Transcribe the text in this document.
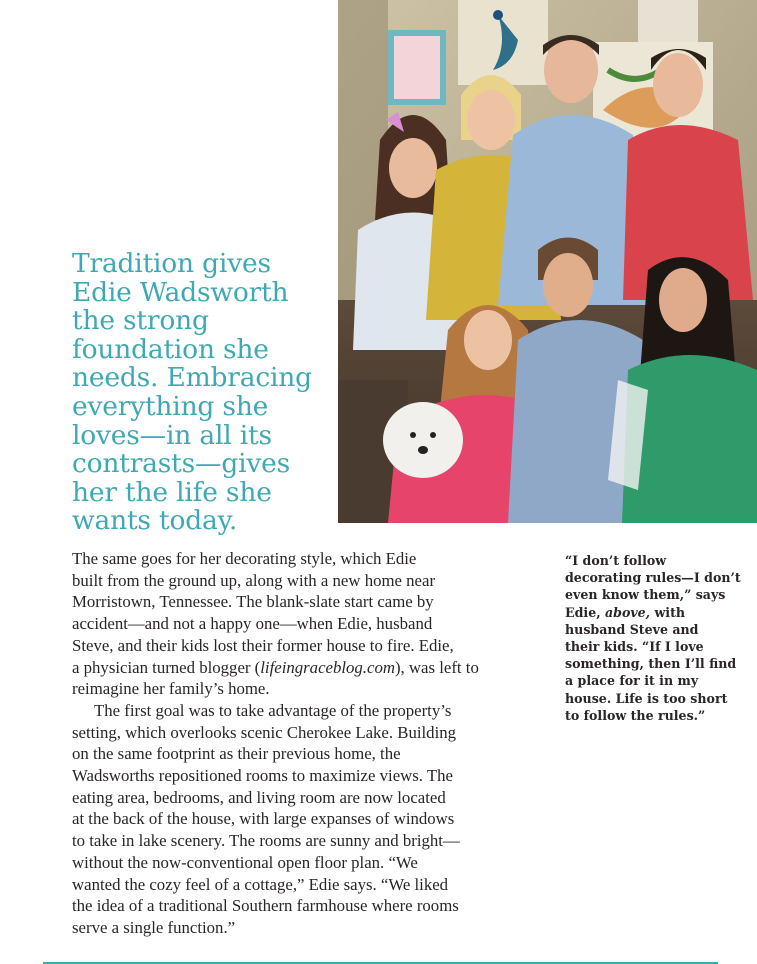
Tradition gives
Edie Wadsworth
the strong
foundation she
needs. Embracing
everything she
loves—in all its
contrasts—gives
her the life she
wants today.
The same goes for her decorating style, which Edie
built from the ground up, along with a new home near
Morristown, Tennessee. The blank-slate start came by
accident—and not a happy one—when Edie, husband
Steve, and their kids lost their former house to fire. Edie,
a physician turned blogger (lifeingraceblog.com), was left to
reimagine her family’s home.
The first goal was to take advantage of the property’s
setting, which overlooks scenic Cherokee Lake. Building
on the same footprint as their previous home, the
Wadsworths repositioned rooms to maximize views. The
eating area, bedrooms, and living room are now located
at the back of the house, with large expanses of windows
to take in lake scenery. The rooms are sunny and bright—
without the now-conventional open floor plan. “We
wanted the cozy feel of a cottage,” Edie says. “We liked
the idea of a traditional Southern farmhouse where rooms
serve a single function.”
“I don’t follow
decorating rules—I don’t
even know them,” says
Edie, above, with
husband Steve and
their kids. “If I love
something, then I’ll find
a place for it in my
house. Life is too short
to follow the rules.”
